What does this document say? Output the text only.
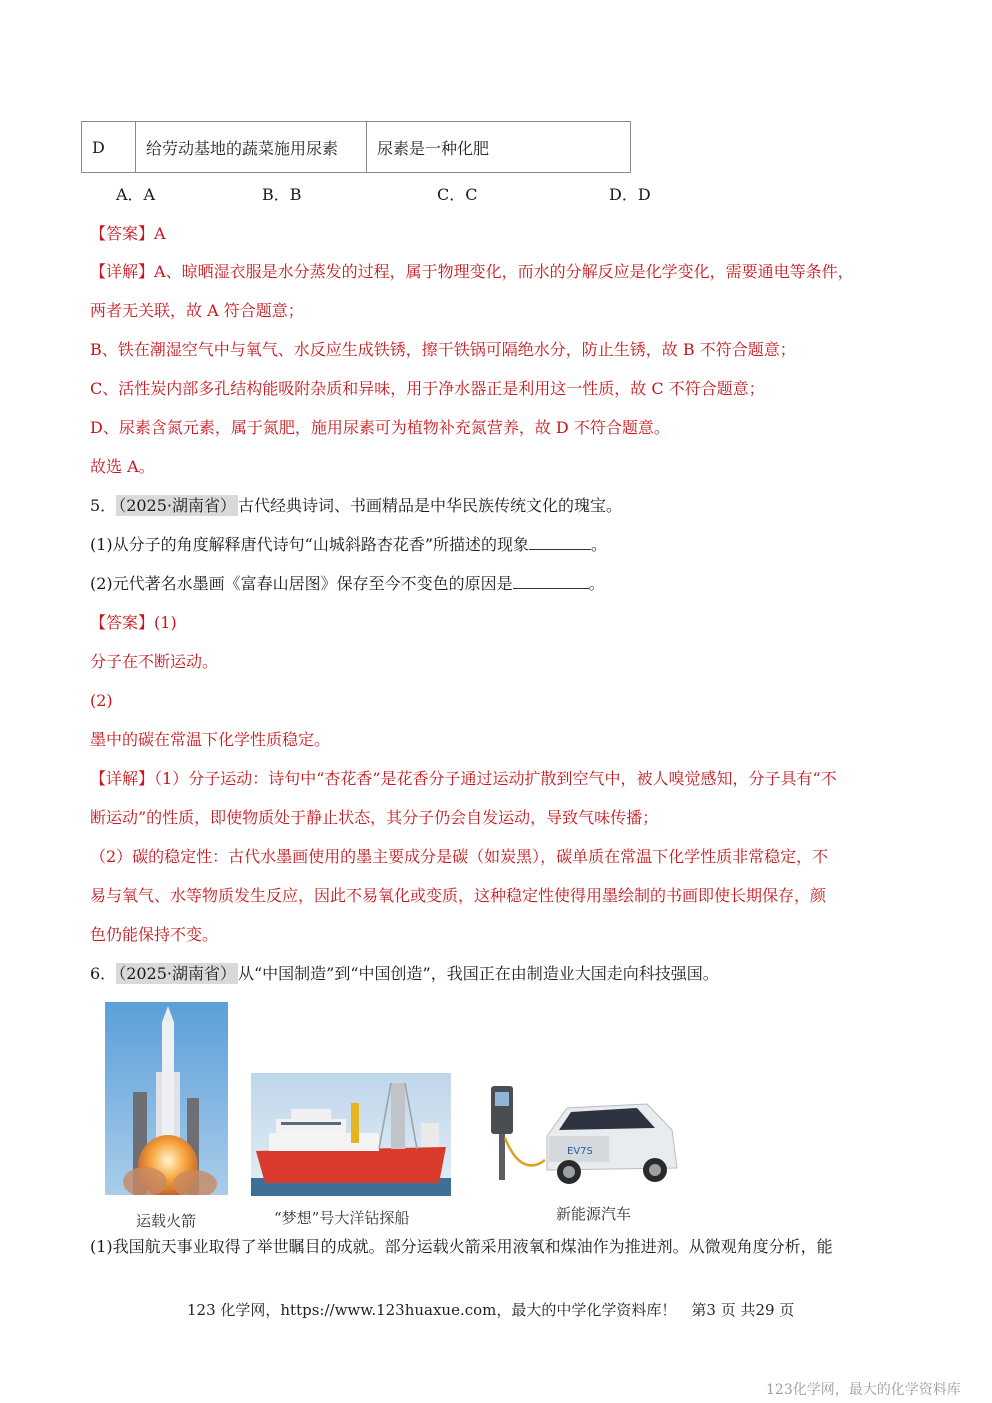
D	给劳动基地的蔬菜施用尿素	尿素是一种化肥
A．A	B．B	C．C	D．D
【答案】A
【详解】A、晾晒湿衣服是水分蒸发的过程，属于物理变化，而水的分解反应是化学变化，需要通电等条件，
两者无关联，故 A 符合题意；
B、铁在潮湿空气中与氧气、水反应生成铁锈，擦干铁锅可隔绝水分，防止生锈，故 B 不符合题意；
C、活性炭内部多孔结构能吸附杂质和异味，用于净水器正是利用这一性质，故 C 不符合题意；
D、尿素含氮元素，属于氮肥，施用尿素可为植物补充氮营养，故 D 不符合题意。
故选 A。
5． （2025·湖南省） 古代经典诗词、书画精品是中华民族传统文化的瑰宝。
(1)从分子的角度解释唐代诗句“山城斜路杏花香”所描述的现象	。
(2)元代著名水墨画《富春山居图》保存至今不变色的原因是	。
【答案】(1)
分子在不断运动。
(2)
墨中的碳在常温下化学性质稳定。
【详解】（1）分子运动：诗句中“杏花香”是花香分子通过运动扩散到空气中，被人嗅觉感知，分子具有“不
断运动”的性质，即使物质处于静止状态，其分子仍会自发运动，导致气味传播；
（2）碳的稳定性：古代水墨画使用的墨主要成分是碳（如炭黑），碳单质在常温下化学性质非常稳定，不
易与氧气、水等物质发生反应，因此不易氧化或变质，这种稳定性使得用墨绘制的书画即使长期保存，颜
色仍能保持不变。
6． （2025·湖南省） 从“中国制造”到“中国创造”，我国正在由制造业大国走向科技强国。
运载火箭	“梦想”号大洋钻探船
EV7S
新能源汽车
(1)我国航天事业取得了举世瞩目的成就。部分运载火箭采用液氧和煤油作为推进剂。从微观角度分析，能
123 化学网，https://www.123huaxue.com，最大的中学化学资料库！　第3 页 共29 页
123化学网，最大的化学资料库
